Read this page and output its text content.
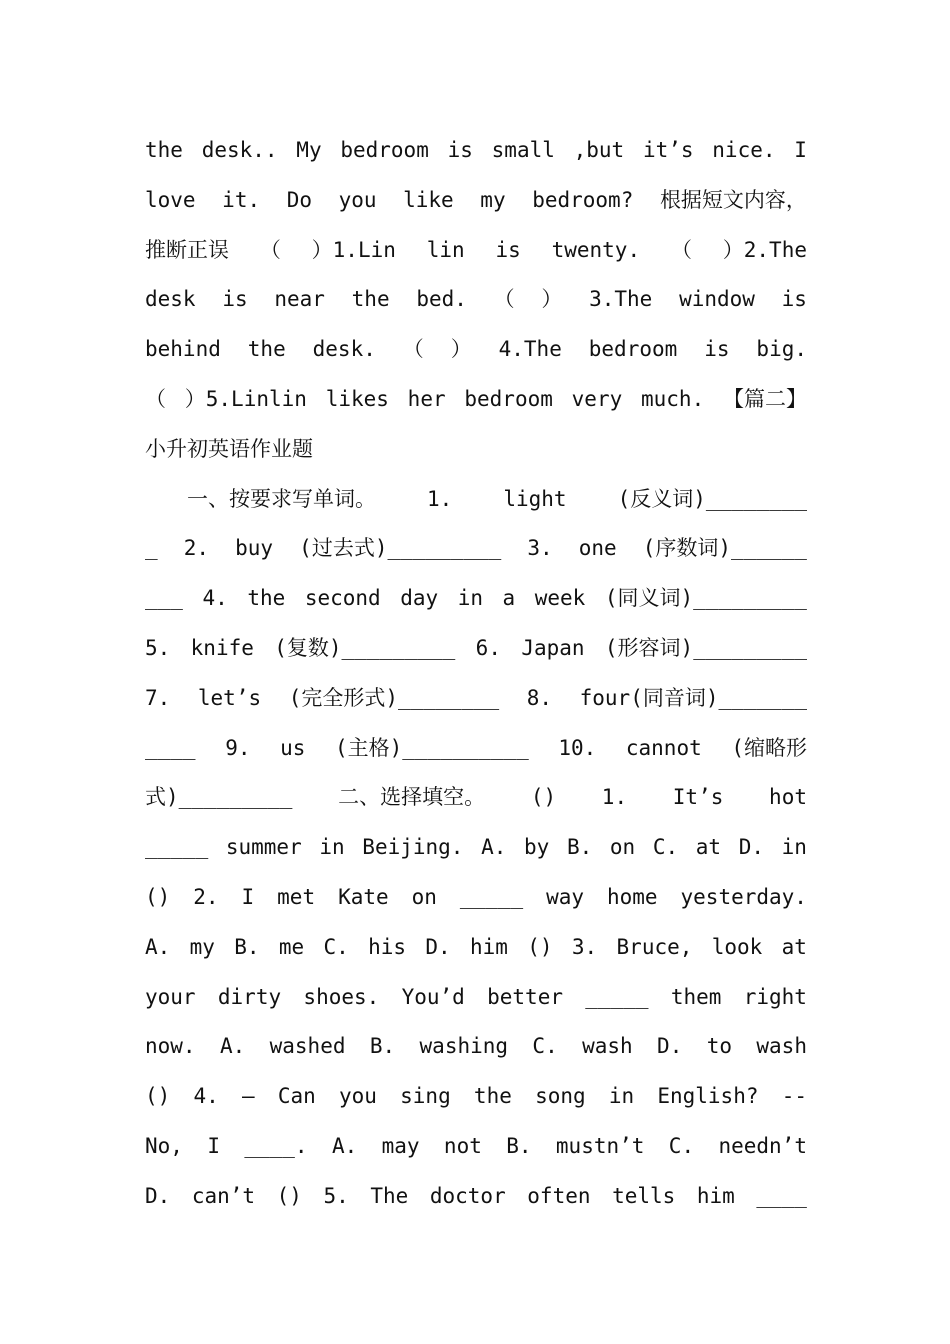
the desk.. My bedroom is small ,but it’s nice. I
love it. Do you like my bedroom? 根据短文内容，
推断正误 （ ）1.Lin lin is twenty. （ ）2.The
desk is near the bed. （ ） 3.The window is
behind the desk. （ ） 4.The bedroom is big.
（ ）5.Linlin likes her bedroom very much. 【篇二】
小升初英语作业题
　　一、按要求写单词。 1. light (反义词)________
_ 2. buy (过去式)_________ 3. one (序数词)______
___ 4. the second day in a week (同义词)_________
5. knife (复数)_________ 6. Japan (形容词)_________
7. let’s (完全形式)________ 8. four(同音词)_______
____ 9. us (主格)__________ 10. cannot (缩略形
式)_________ 二、选择填空。 () 1. It’s hot
_____ summer in Beijing. A. by B. on C. at D. in
() 2. I met Kate on _____ way home yesterday.
A. my B. me C. his D. him () 3. Bruce, look at
your dirty shoes. You’d better _____ them right
now. A. washed B. washing C. wash D. to wash
() 4. – Can you sing the song in English? --
No, I ____. A. may not B. mustn’t C. needn’t
D. can’t () 5. The doctor often tells him ____
